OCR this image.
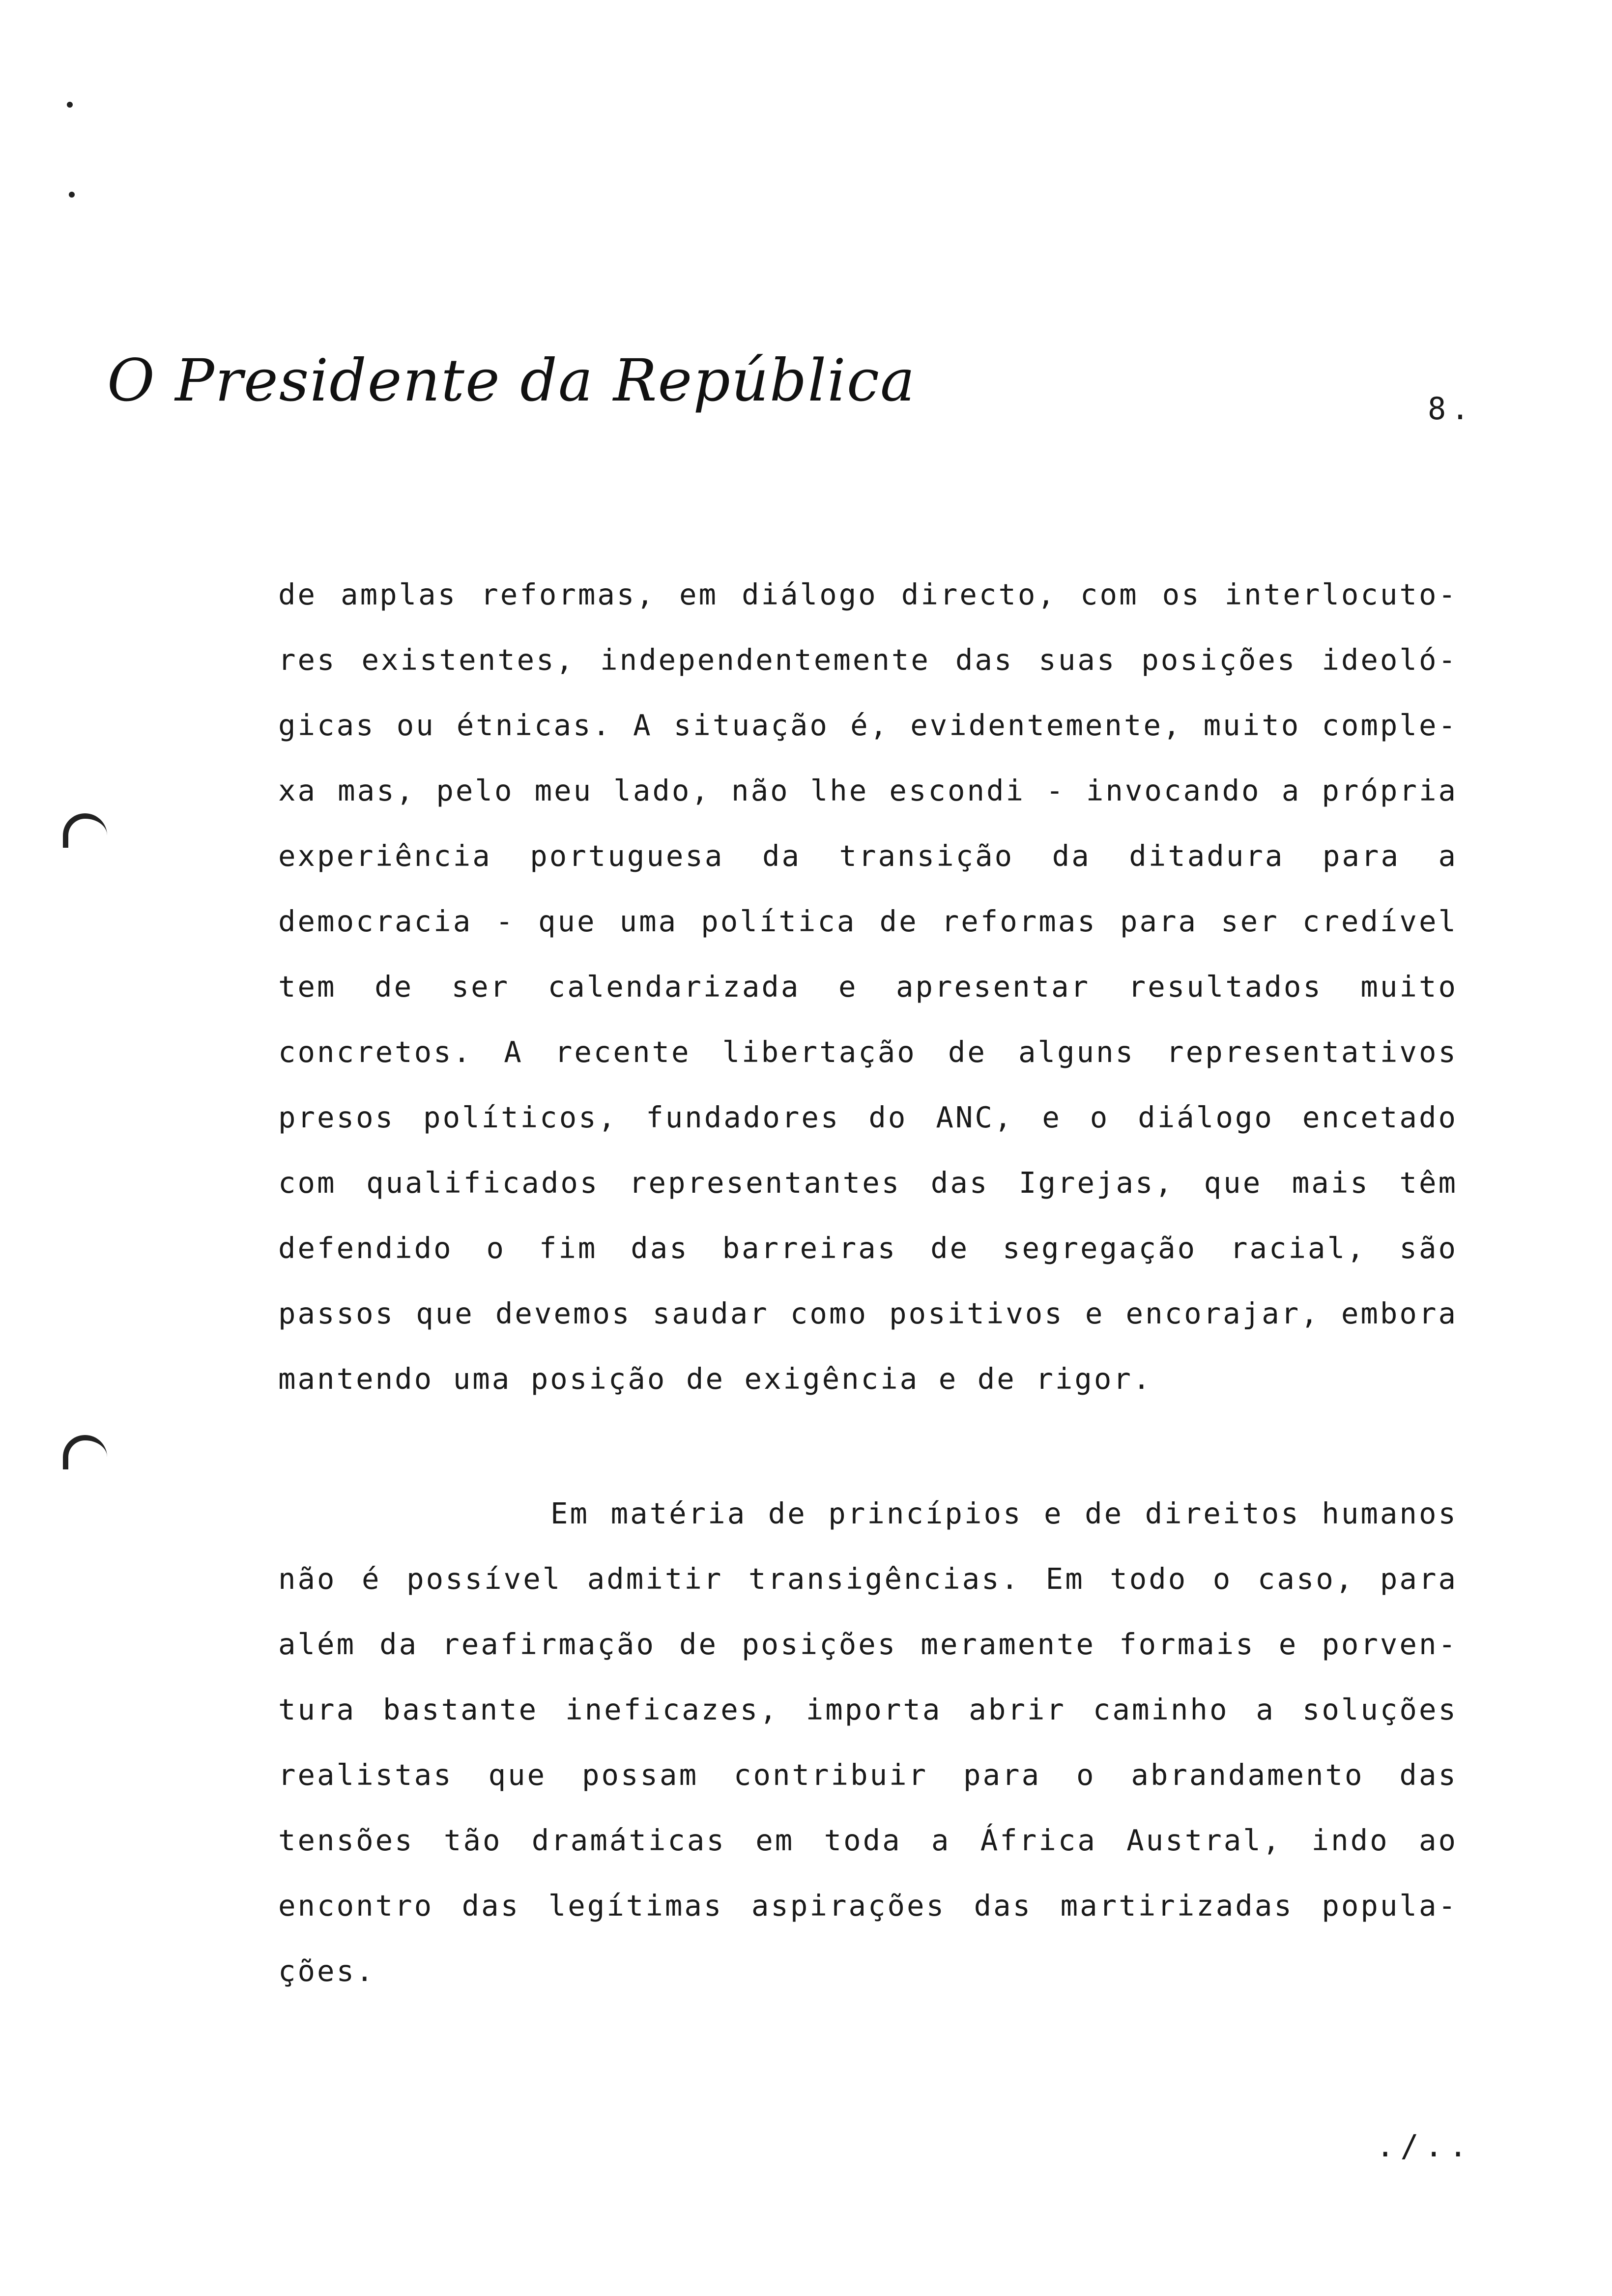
O Presidente da República	8.
de amplas reformas, em diálogo directo, com os interlocuto-
res existentes, independentemente das suas posições ideoló-
gicas ou étnicas. A situação é, evidentemente, muito comple-
xa mas, pelo meu lado, não lhe escondi - invocando a própria
experiência portuguesa da transição da ditadura para a
democracia - que uma política de reformas para ser credível
tem de ser calendarizada e apresentar resultados muito
concretos. A recente libertação de alguns representativos
presos políticos, fundadores do ANC, e o diálogo encetado
com qualificados representantes das Igrejas, que mais têm
defendido o fim das barreiras de segregação racial, são
passos que devemos saudar como positivos e encorajar, embora
mantendo uma posição de exigência e de rigor.
Em matéria de princípios e de direitos humanos
não é possível admitir transigências. Em todo o caso, para
além da reafirmação de posições meramente formais e porven-
tura bastante ineficazes, importa abrir caminho a soluções
realistas que possam contribuir para o abrandamento das
tensões tão dramáticas em toda a África Austral, indo ao
encontro das legítimas aspirações das martirizadas popula-
ções.
./..
